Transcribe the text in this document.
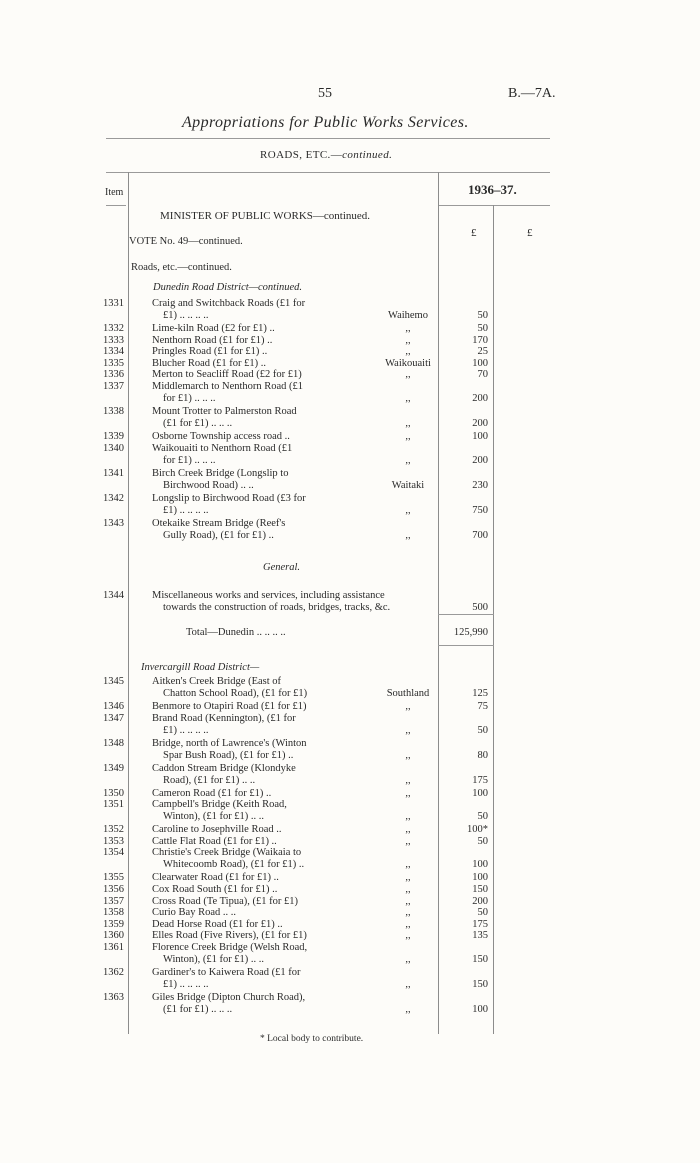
55	B.—7A.
Appropriations for Public Works Services.
ROADS, ETC.—continued.
Item	1936–37.
£	£
MINISTER OF PUBLIC WORKS—continued.
VOTE No. 49—continued.
Roads, etc.—continued.
Dunedin Road District—continued.
1331	Craig and Switchback Roads (£1 for
£1) .. .. .. ..	Waihemo	50
1332	Lime-kiln Road (£2 for £1) ..	,,	50
1333	Nenthorn Road (£1 for £1) ..	,,	170
1334	Pringles Road (£1 for £1) ..	,,	25
1335	Blucher Road (£1 for £1) ..	Waikouaiti	100
1336	Merton to Seacliff Road (£2 for £1)	,,	70
1337	Middlemarch to Nenthorn Road (£1
for £1) .. .. ..	,,	200
1338	Mount Trotter to Palmerston Road
(£1 for £1) .. .. ..	,,	200
1339	Osborne Township access road ..	,,	100
1340	Waikouaiti to Nenthorn Road (£1
for £1) .. .. ..	,,	200
1341	Birch Creek Bridge (Longslip to
Birchwood Road) .. ..	Waitaki	230
1342	Longslip to Birchwood Road (£3 for
£1) .. .. .. ..	,,	750
1343	Otekaike Stream Bridge (Reef's
Gully Road), (£1 for £1) ..	,,	700
General.
1344	Miscellaneous works and services, including assistance
towards the construction of roads, bridges, tracks, &c.	500
Total—Dunedin .. .. .. ..	125,990
Invercargill Road District—
1345	Aitken's Creek Bridge (East of
Chatton School Road), (£1 for £1)	Southland	125
1346	Benmore to Otapiri Road (£1 for £1)	,,	75
1347	Brand Road (Kennington), (£1 for
£1) .. .. .. ..	,,	50
1348	Bridge, north of Lawrence's (Winton
Spar Bush Road), (£1 for £1) ..	,,	80
1349	Caddon Stream Bridge (Klondyke
Road), (£1 for £1) .. ..	,,	175
1350	Cameron Road (£1 for £1) ..	,,	100
1351	Campbell's Bridge (Keith Road,
Winton), (£1 for £1) .. ..	,,	50
1352	Caroline to Josephville Road ..	,,	100*
1353	Cattle Flat Road (£1 for £1) ..	,,	50
1354	Christie's Creek Bridge (Waikaia to
Whitecoomb Road), (£1 for £1) ..	,,	100
1355	Clearwater Road (£1 for £1) ..	,,	100
1356	Cox Road South (£1 for £1) ..	,,	150
1357	Cross Road (Te Tipua), (£1 for £1)	,,	200
1358	Curio Bay Road .. ..	,,	50
1359	Dead Horse Road (£1 for £1) ..	,,	175
1360	Elles Road (Five Rivers), (£1 for £1)	,,	135
1361	Florence Creek Bridge (Welsh Road,
Winton), (£1 for £1) .. ..	,,	150
1362	Gardiner's to Kaiwera Road (£1 for
£1) .. .. .. ..	,,	150
1363	Giles Bridge (Dipton Church Road),
(£1 for £1) .. .. ..	,,	100
* Local body to contribute.
